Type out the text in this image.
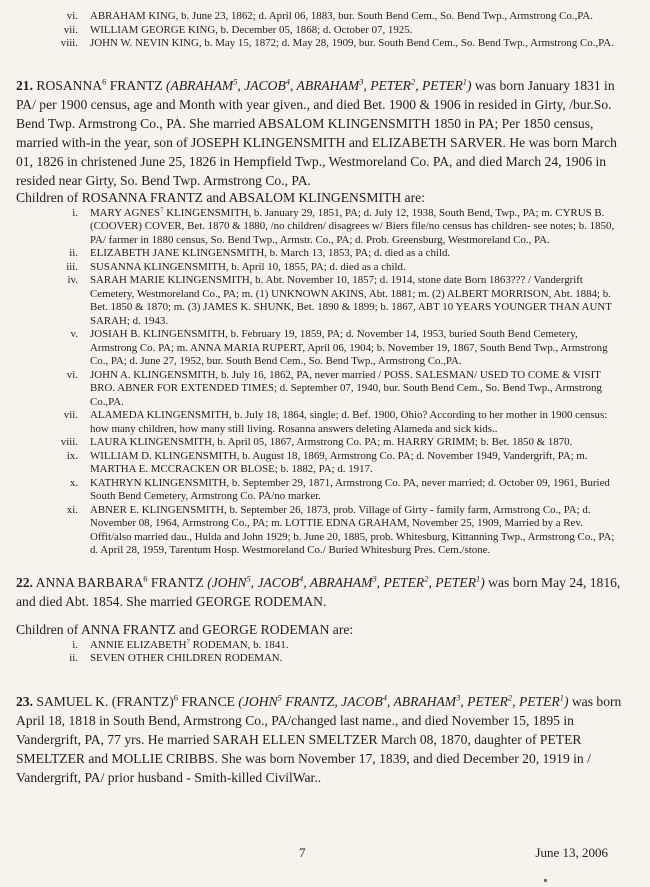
vi.	ABRAHAM KING, b. June 23, 1862; d. April 06, 1883, bur. South Bend Cem., So. Bend Twp., Armstrong Co.,PA.
vii.	WILLIAM GEORGE KING, b. December 05, 1868; d. October 07, 1925.
viii.	JOHN W. NEVIN KING, b. May 15, 1872; d. May 28, 1909, bur. South Bend Cem., So. Bend Twp., Armstrong Co.,PA.

21. ROSANNA$^6$ FRANTZ (ABRAHAM$^5$, JACOB$^4$, ABRAHAM$^3$, PETER$^2$, PETER$^1$) was born January 1831 in PA/ per 1900 census, age and Month with year given., and died Bet. 1900 & 1906 in resided in Girty, /bur.So. Bend Twp. Armstrong Co., PA. She married ABSALOM KLINGENSMITH 1850 in PA; Per 1850 census, married with-in the year, son of JOSEPH KLINGENSMITH and ELIZABETH SARVER. He was born March 01, 1826 in christened June 25, 1826 in Hempfield Twp., Westmoreland Co. PA, and died March 24, 1906 in resided near Girty, So. Bend Twp. Armstrong Co., PA.

Children of ROSANNA FRANTZ and ABSALOM KLINGENSMITH are:

i.	MARY AGNES$^7$ KLINGENSMITH, b. January 29, 1851, PA; d. July 12, 1938, South Bend, Twp., PA; m. CYRUS B. (COOVER) COVER, Bet. 1870 & 1880, /no children/ disagrees w/ Biers file/no census has children- see notes; b. 1850, PA/ farmer in 1880 census, So. Bend Twp., Armstr. Co., PA; d. Prob. Greensburg, Westmoreland Co., PA.
ii.	ELIZABETH JANE KLINGENSMITH, b. March 13, 1853, PA; d. died as a child.
iii.	SUSANNA KLINGENSMITH, b. April 10, 1855, PA; d. died as a child.
iv.	SARAH MARIE KLINGENSMITH, b. Abt. November 10, 1857; d. 1914, stone date Born 1863??? / Vandergrift Cemetery, Westmoreland Co., PA; m. (1) UNKNOWN AKINS, Abt. 1881; m. (2) ALBERT MORRISON, Abt. 1884; b. Bet. 1850 & 1870; m. (3) JAMES K. SHUNK, Bet. 1890 & 1899; b. 1867, ABT 10 YEARS YOUNGER THAN AUNT SARAH; d. 1943.
v.	JOSIAH B. KLINGENSMITH, b. February 19, 1859, PA; d. November 14, 1953, buried South Bend Cemetery, Armstrong Co. PA; m. ANNA MARIA RUPERT, April 06, 1904; b. November 19, 1867, South Bend Twp., Armstrong Co., PA; d. June 27, 1952, bur. South Bend Cem., So. Bend Twp., Armstrong Co.,PA.
vi.	JOHN A. KLINGENSMITH, b. July 16, 1862, PA, never married / POSS. SALESMAN/ USED TO COME & VISIT BRO. ABNER FOR EXTENDED TIMES; d. September 07, 1940, bur. South Bend Cem., So. Bend Twp., Armstrong Co.,PA.
vii.	ALAMEDA KLINGENSMITH, b. July 18, 1864, single; d. Bef. 1900, Ohio? According to her mother in 1900 census: how many children, how many still living. Rosanna answers deleting Alameda and sick kids..
viii.	LAURA KLINGENSMITH, b. April 05, 1867, Armstrong Co. PA; m. HARRY GRIMM; b. Bet. 1850 & 1870.
ix.	WILLIAM D. KLINGENSMITH, b. August 18, 1869, Armstrong Co. PA; d. November 1949, Vandergrift, PA; m. MARTHA E. MCCRACKEN OR BLOSE; b. 1882, PA; d. 1917.
x.	KATHRYN KLINGENSMITH, b. September 29, 1871, Armstrong Co. PA, never married; d. October 09, 1961, Buried South Bend Cemetery, Armstrong Co. PA/no marker.
xi.	ABNER E. KLINGENSMITH, b. September 26, 1873, prob. Village of Girty - family farm, Armstrong Co., PA; d. November 08, 1964, Armstrong Co., PA; m. LOTTIE EDNA GRAHAM, November 25, 1909, Married by a Rev. Offit/also married dau., Hulda and John 1929; b. June 20, 1885, prob. Whitesburg, Kittanning Twp., Armstrong Co., PA; d. April 28, 1959, Tarentum Hosp. Westmoreland Co./ Buried Whitesburg Pres. Cem./stone.

22. ANNA BARBARA$^6$ FRANTZ (JOHN$^5$, JACOB$^4$, ABRAHAM$^3$, PETER$^2$, PETER$^1$) was born May 24, 1816, and died Abt. 1854. She married GEORGE RODEMAN.

Children of ANNA FRANTZ and GEORGE RODEMAN are:

i.	ANNIE ELIZABETH$^7$ RODEMAN, b. 1841.
ii.	SEVEN OTHER CHILDREN RODEMAN.

23. SAMUEL K. (FRANTZ)$^6$ FRANCE (JOHN$^5$ FRANTZ, JACOB$^4$, ABRAHAM$^3$, PETER$^2$, PETER$^1$) was born April 18, 1818 in South Bend, Armstrong Co., PA/changed last name., and died November 15, 1895 in Vandergrift, PA, 77 yrs. He married SARAH ELLEN SMELTZER March 08, 1870, daughter of PETER SMELTZER and MOLLIE CRIBBS. She was born November 17, 1839, and died December 20, 1919 in / Vandergrift, PA/ prior husband - Smith-killed CivilWar..

7	June 13, 2006
